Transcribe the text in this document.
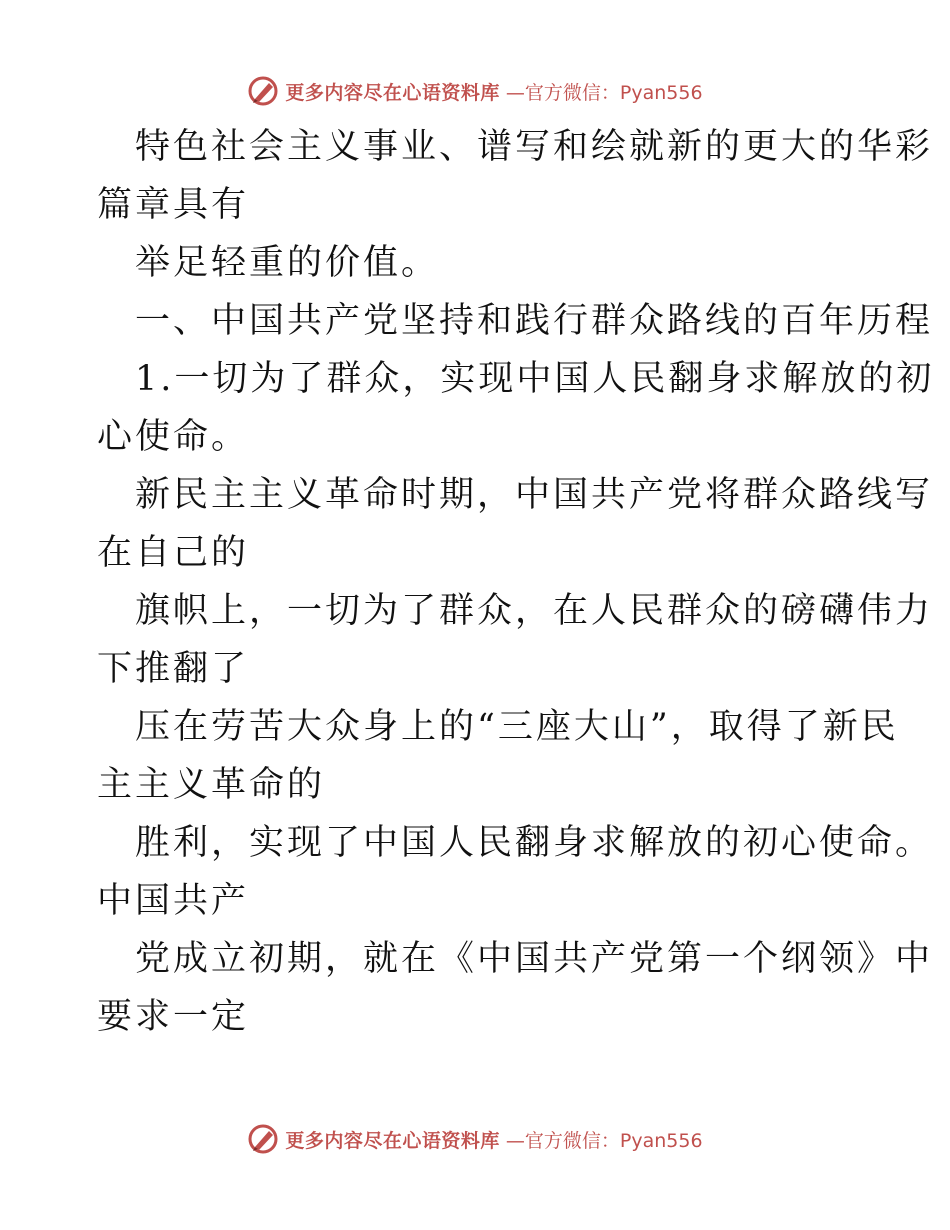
更多内容尽在心语资料库 —官方微信：Pyan556
特色社会主义事业、谱写和绘就新的更大的华彩
篇章具有
举足轻重的价值。
一、中国共产党坚持和践行群众路线的百年历程
1.一切为了群众，实现中国人民翻身求解放的初
心使命。
新民主主义革命时期，中国共产党将群众路线写
在自己的
旗帜上，一切为了群众，在人民群众的磅礴伟力
下推翻了
压在劳苦大众身上的“三座大山”，取得了新民
主主义革命的
胜利，实现了中国人民翻身求解放的初心使命。
中国共产
党成立初期，就在《中国共产党第一个纲领》中
要求一定
更多内容尽在心语资料库 —官方微信：Pyan556
